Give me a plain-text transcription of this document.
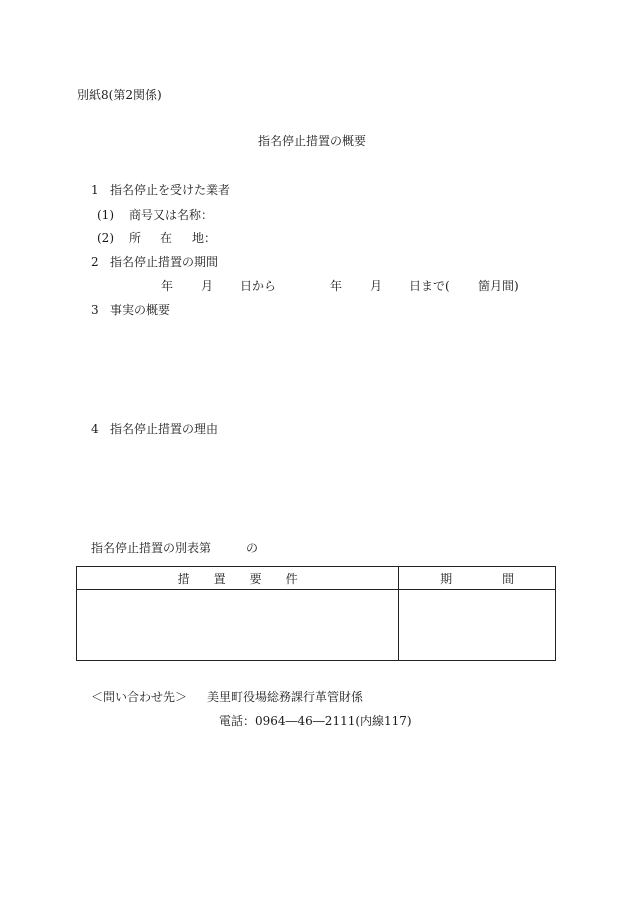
別紙8(第2関係)
指名停止措置の概要
1 指名停止を受けた業者
(1) 商号又は名称：
(2) 所 在 地：
2 指名停止措置の期間
年 月 日から	年 月 日まで( 箇月間)
3 事実の概要
4 指名停止措置の理由
指名停止措置の別表第	の
措 置 要 件	期 間

＜問い合わせ先＞ 美里町役場総務課行革管財係
電話：0964―46―2111(内線117)
